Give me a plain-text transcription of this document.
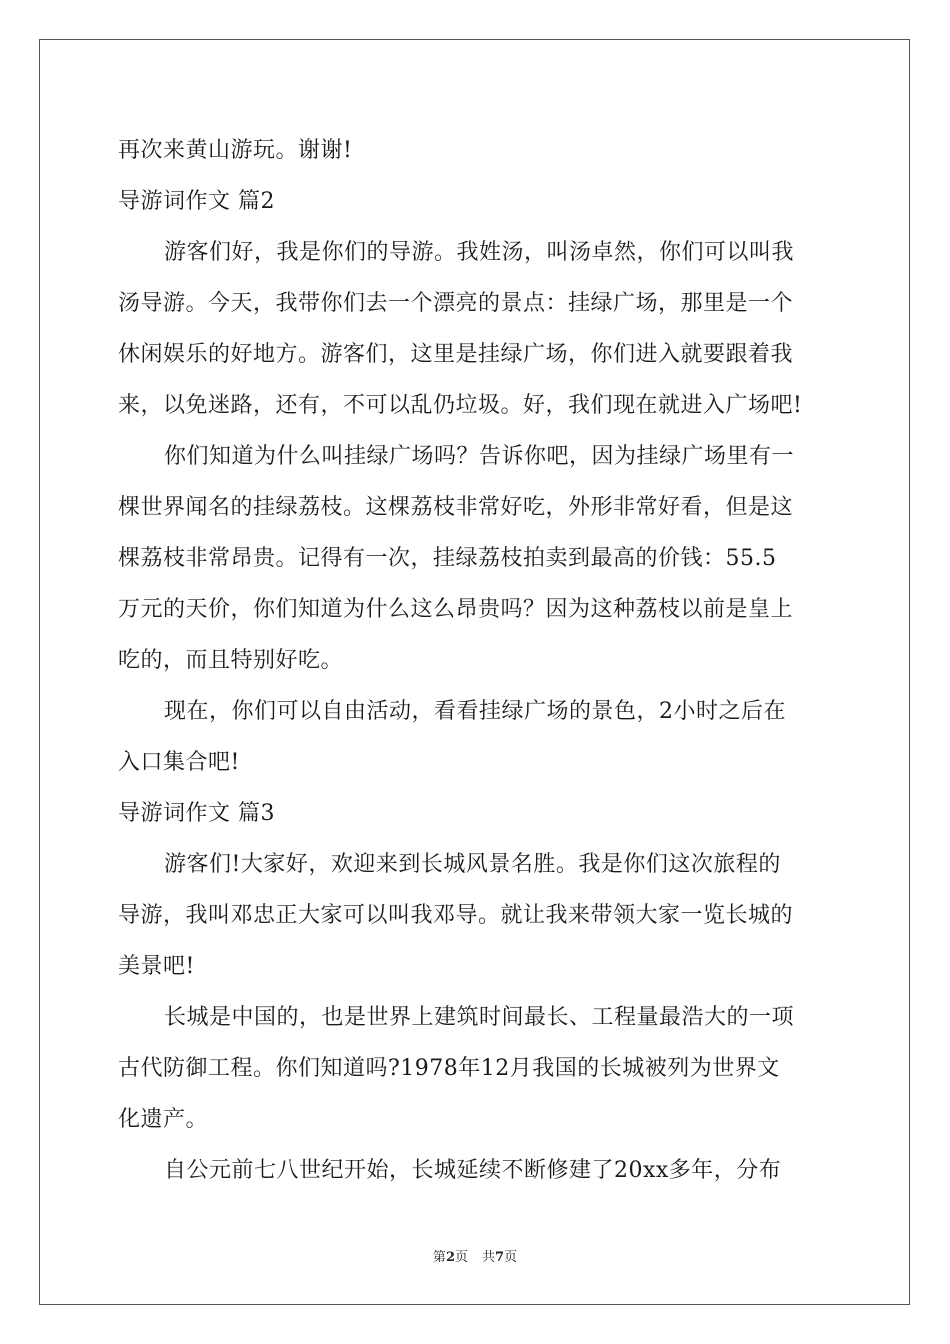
再次来黄山游玩。谢谢!
导游词作文 篇2
游客们好，我是你们的导游。我姓汤，叫汤卓然，你们可以叫我
汤导游。今天，我带你们去一个漂亮的景点：挂绿广场，那里是一个
休闲娱乐的好地方。游客们，这里是挂绿广场，你们进入就要跟着我
来，以免迷路，还有，不可以乱仍垃圾。好，我们现在就进入广场吧!
你们知道为什么叫挂绿广场吗？告诉你吧，因为挂绿广场里有一
棵世界闻名的挂绿荔枝。这棵荔枝非常好吃，外形非常好看，但是这
棵荔枝非常昂贵。记得有一次，挂绿荔枝拍卖到最高的价钱：55.5
万元的天价，你们知道为什么这么昂贵吗？因为这种荔枝以前是皇上
吃的，而且特别好吃。
现在，你们可以自由活动，看看挂绿广场的景色，2小时之后在
入口集合吧!
导游词作文 篇3
游客们!大家好，欢迎来到长城风景名胜。我是你们这次旅程的
导游，我叫邓忠正大家可以叫我邓导。就让我来带领大家一览长城的
美景吧!
长城是中国的，也是世界上建筑时间最长、工程量最浩大的一项
古代防御工程。你们知道吗?1978年12月我国的长城被列为世界文
化遗产。
自公元前七八世纪开始，长城延续不断修建了20xx多年，分布
第2页 共7页
